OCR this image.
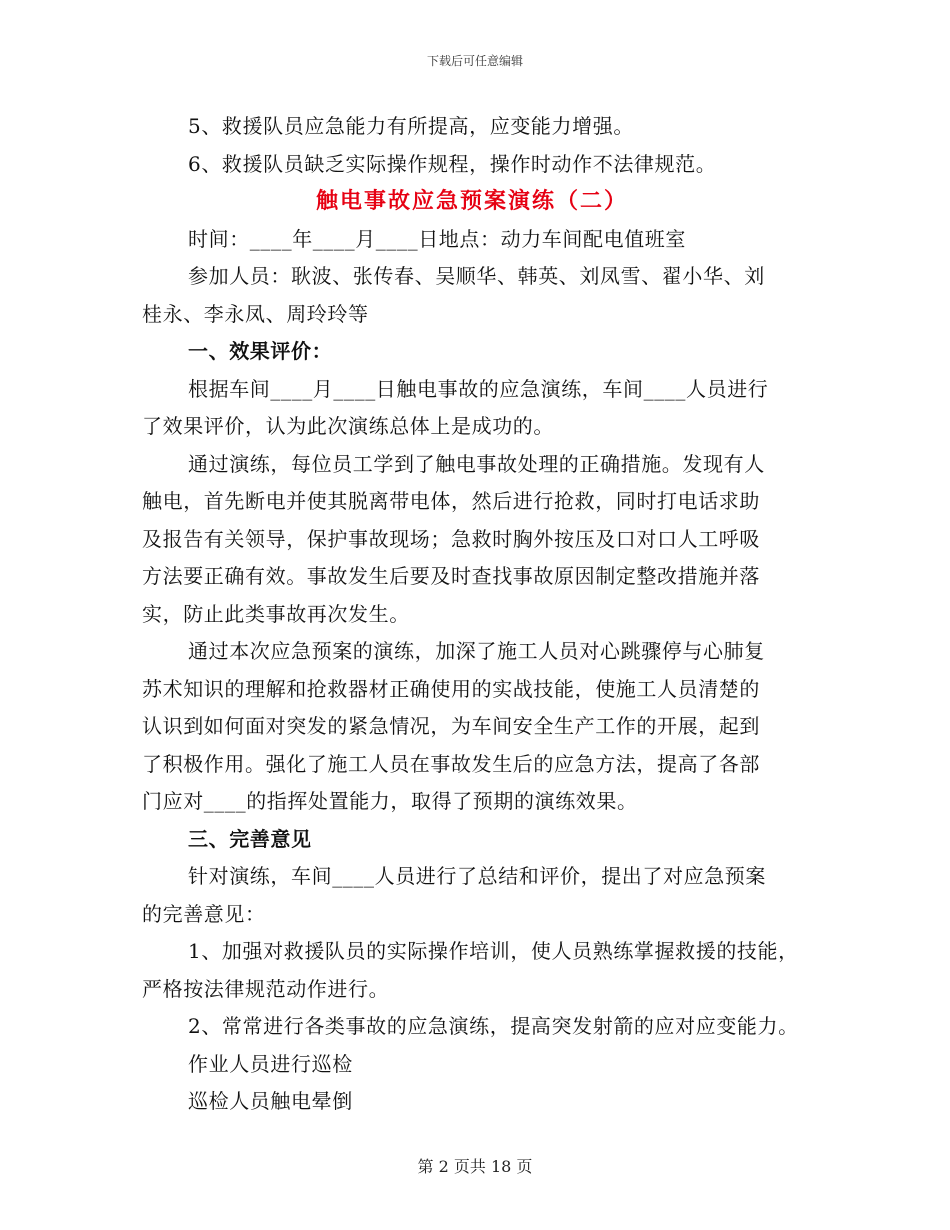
下载后可任意编辑
5、救援队员应急能力有所提高，应变能力增强。
6、救援队员缺乏实际操作规程，操作时动作不法律规范。
触电事故应急预案演练（二）
时间：____年____月____日地点：动力车间配电值班室
参加人员：耿波、张传春、吴顺华、韩英、刘凤雪、翟小华、刘
桂永、李永凤、周玲玲等
一、效果评价：
根据车间____月____日触电事故的应急演练，车间____人员进行
了效果评价，认为此次演练总体上是成功的。
通过演练，每位员工学到了触电事故处理的正确措施。发现有人
触电，首先断电并使其脱离带电体，然后进行抢救，同时打电话求助
及报告有关领导，保护事故现场；急救时胸外按压及口对口人工呼吸
方法要正确有效。事故发生后要及时查找事故原因制定整改措施并落
实，防止此类事故再次发生。
通过本次应急预案的演练，加深了施工人员对心跳骤停与心肺复
苏术知识的理解和抢救器材正确使用的实战技能，使施工人员清楚的
认识到如何面对突发的紧急情况，为车间安全生产工作的开展，起到
了积极作用。强化了施工人员在事故发生后的应急方法，提高了各部
门应对____的指挥处置能力，取得了预期的演练效果。
三、完善意见
针对演练，车间____人员进行了总结和评价，提出了对应急预案
的完善意见：
1、加强对救援队员的实际操作培训，使人员熟练掌握救援的技能，
严格按法律规范动作进行。
2、常常进行各类事故的应急演练，提高突发射箭的应对应变能力。
作业人员进行巡检
巡检人员触电晕倒
第 2 页共 18 页
